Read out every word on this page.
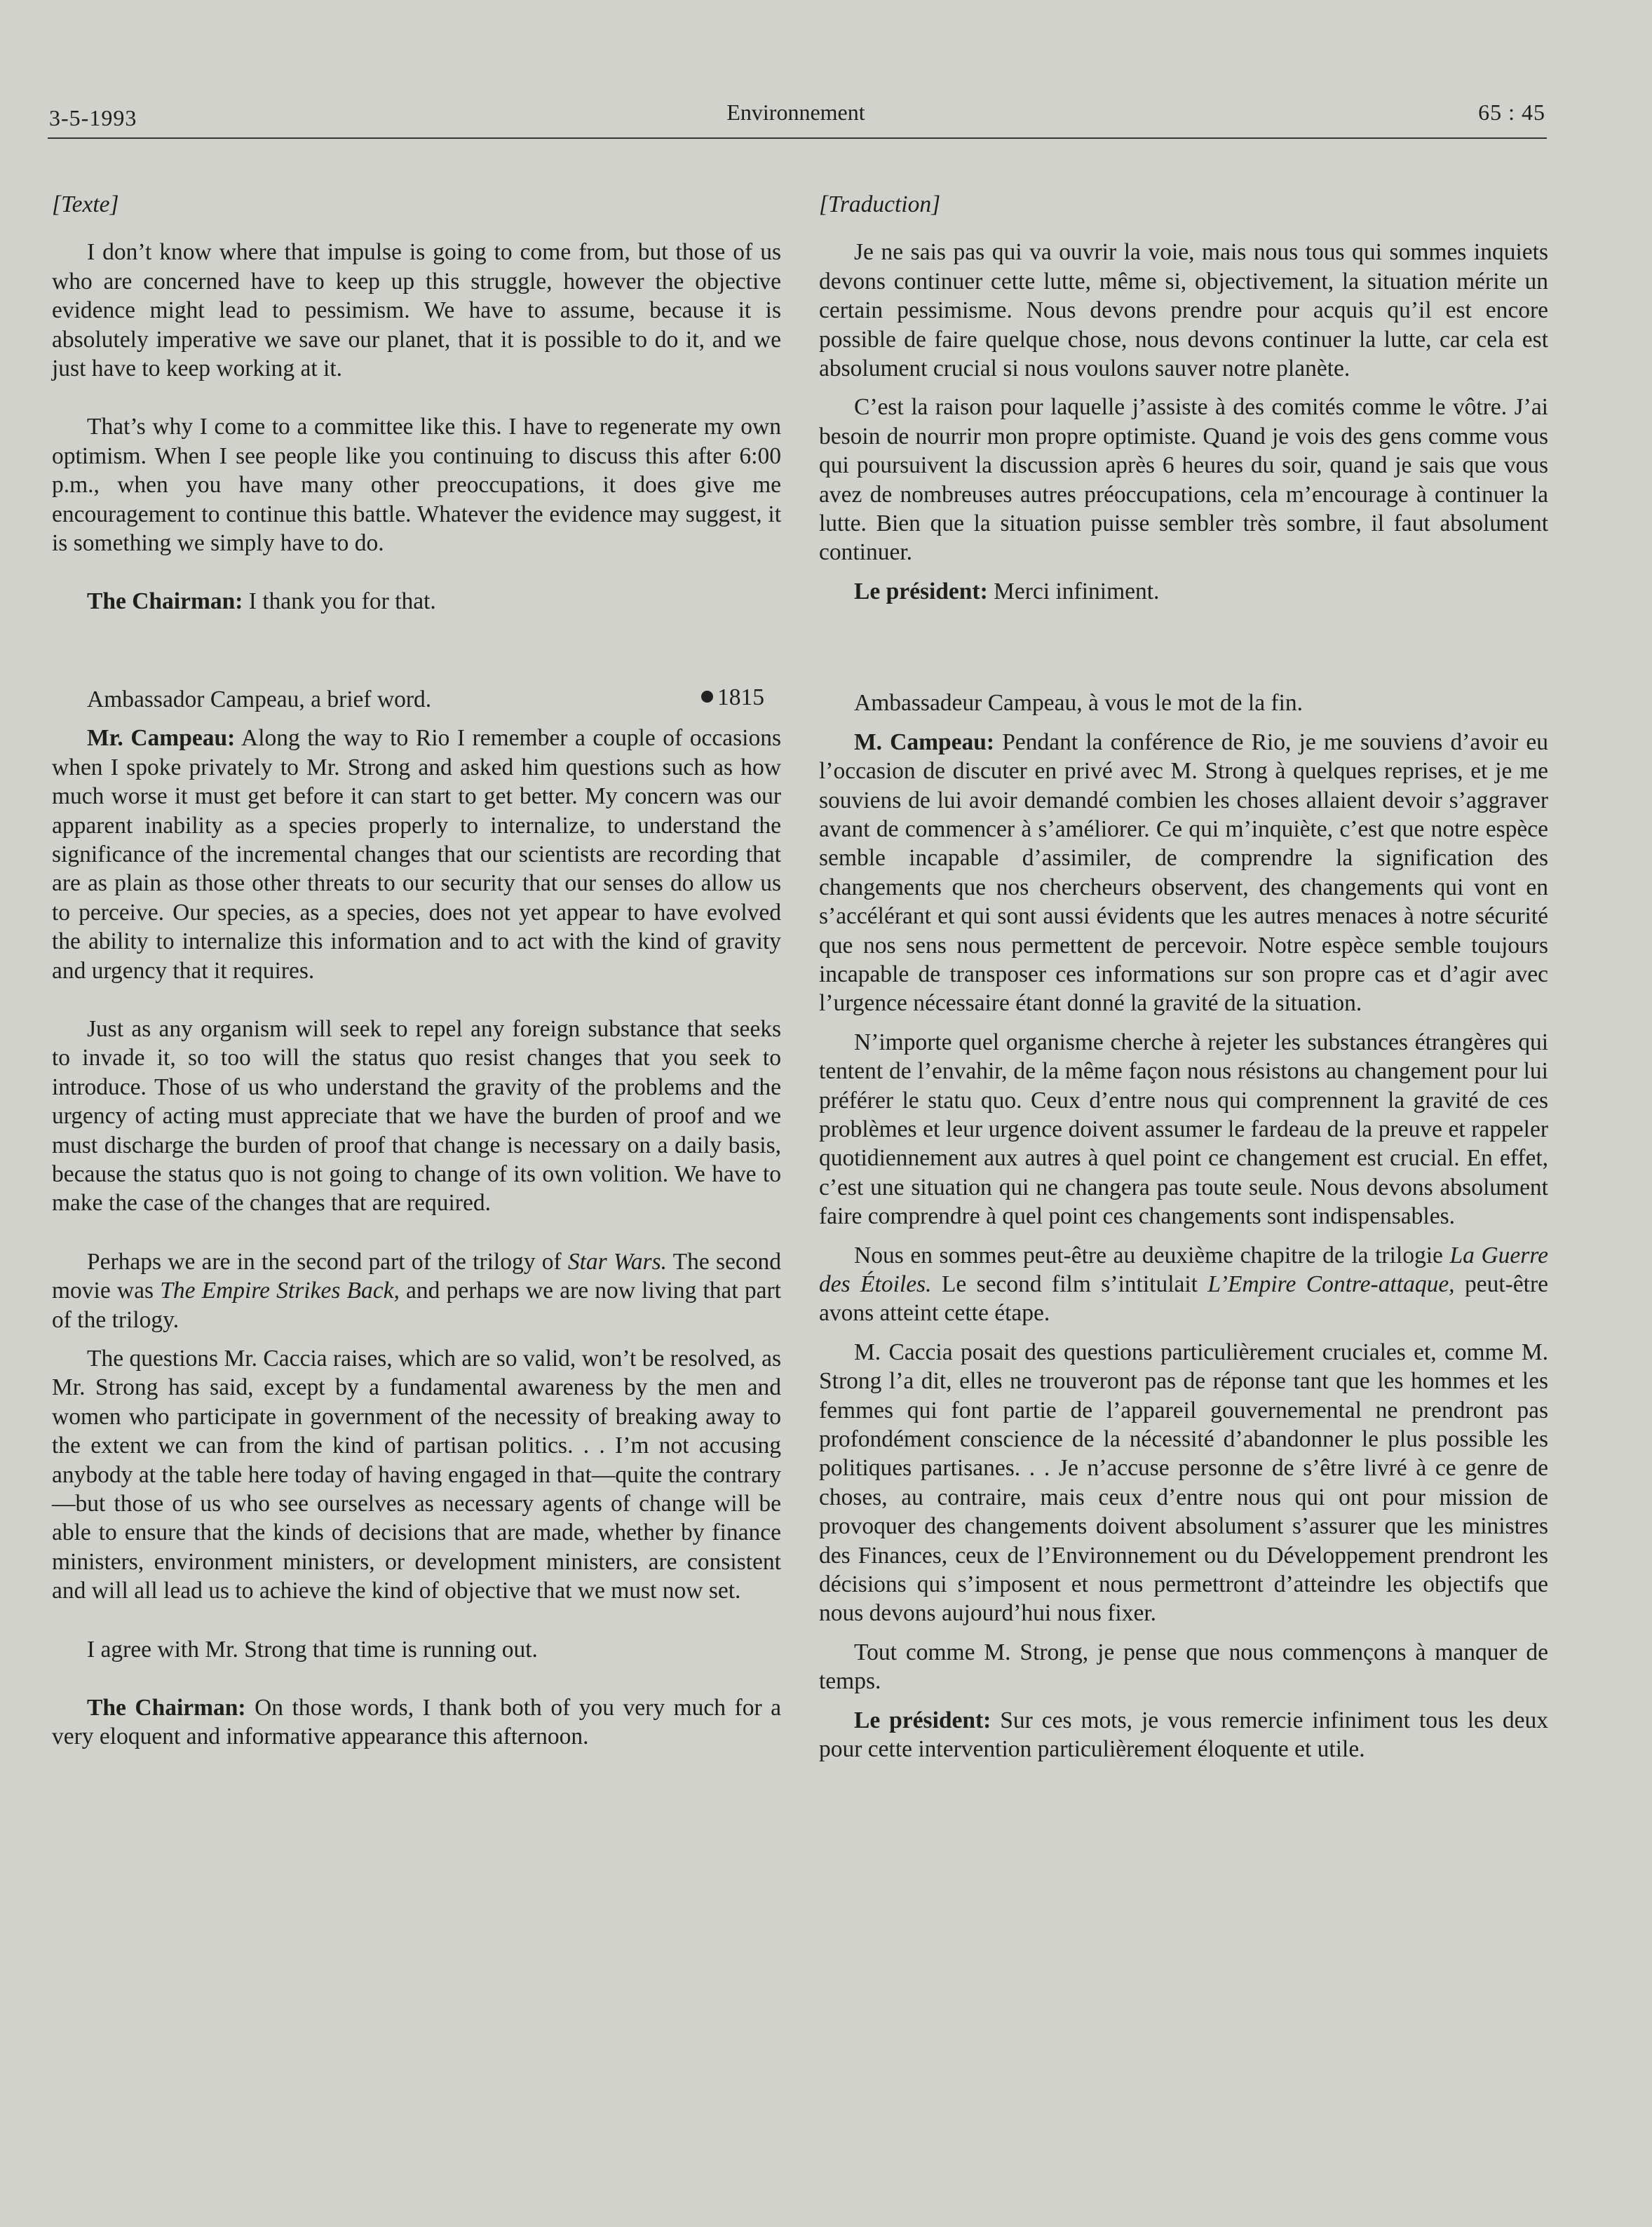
3-5-1993	Environnement	65 : 45

[Texte]

I don’t know where that impulse is going to come from, but those of us who are concerned have to keep up this struggle, however the objective evidence might lead to pessimism. We have to assume, because it is absolutely imperative we save our planet, that it is possible to do it, and we just have to keep working at it.

That’s why I come to a committee like this. I have to regenerate my own optimism. When I see people like you continuing to discuss this after 6:00 p.m., when you have many other preoccupations, it does give me encouragement to continue this battle. Whatever the evidence may suggest, it is something we simply have to do.

The Chairman: I thank you for that.

Ambassador Campeau, a brief word.

Mr. Campeau: Along the way to Rio I remember a couple of occasions when I spoke privately to Mr. Strong and asked him questions such as how much worse it must get before it can start to get better. My concern was our apparent inability as a species properly to internalize, to understand the significance of the incremental changes that our scientists are recording that are as plain as those other threats to our security that our senses do allow us to perceive. Our species, as a species, does not yet appear to have evolved the ability to internalize this information and to act with the kind of gravity and urgency that it requires.

Just as any organism will seek to repel any foreign substance that seeks to invade it, so too will the status quo resist changes that you seek to introduce. Those of us who understand the gravity of the problems and the urgency of acting must appreciate that we have the burden of proof and we must discharge the burden of proof that change is necessary on a daily basis, because the status quo is not going to change of its own volition. We have to make the case of the changes that are required.

Perhaps we are in the second part of the trilogy of Star Wars. The second movie was The Empire Strikes Back, and perhaps we are now living that part of the trilogy.

The questions Mr. Caccia raises, which are so valid, won’t be resolved, as Mr. Strong has said, except by a fundamental awareness by the men and women who participate in government of the necessity of breaking away to the extent we can from the kind of partisan politics. . . I’m not accusing anybody at the table here today of having engaged in that—quite the contrary—but those of us who see ourselves as necessary agents of change will be able to ensure that the kinds of decisions that are made, whether by finance ministers, environment ministers, or development ministers, are consistent and will all lead us to achieve the kind of objective that we must now set.

I agree with Mr. Strong that time is running out.

The Chairman: On those words, I thank both of you very much for a very eloquent and informative appearance this afternoon.

[Traduction]

Je ne sais pas qui va ouvrir la voie, mais nous tous qui sommes inquiets devons continuer cette lutte, même si, objectivement, la situation mérite un certain pessimisme. Nous devons prendre pour acquis qu’il est encore possible de faire quelque chose, nous devons continuer la lutte, car cela est absolument crucial si nous voulons sauver notre planète.

C’est la raison pour laquelle j’assiste à des comités comme le vôtre. J’ai besoin de nourrir mon propre optimiste. Quand je vois des gens comme vous qui poursuivent la discussion après 6 heures du soir, quand je sais que vous avez de nombreuses autres préoccupations, cela m’encourage à continuer la lutte. Bien que la situation puisse sembler très sombre, il faut absolument continuer.

Le président: Merci infiniment.

Ambassadeur Campeau, à vous le mot de la fin.

M. Campeau: Pendant la conférence de Rio, je me souviens d’avoir eu l’occasion de discuter en privé avec M. Strong à quelques reprises, et je me souviens de lui avoir demandé combien les choses allaient devoir s’aggraver avant de commencer à s’améliorer. Ce qui m’inquiète, c’est que notre espèce semble incapable d’assimiler, de comprendre la signification des changements que nos chercheurs observent, des changements qui vont en s’accélérant et qui sont aussi évidents que les autres menaces à notre sécurité que nos sens nous permettent de percevoir. Notre espèce semble toujours incapable de transposer ces informations sur son propre cas et d’agir avec l’urgence nécessaire étant donné la gravité de la situation.

N’importe quel organisme cherche à rejeter les substances étrangères qui tentent de l’envahir, de la même façon nous résistons au changement pour lui préférer le statu quo. Ceux d’entre nous qui comprennent la gravité de ces problèmes et leur urgence doivent assumer le fardeau de la preuve et rappeler quotidiennement aux autres à quel point ce changement est crucial. En effet, c’est une situation qui ne changera pas toute seule. Nous devons absolument faire comprendre à quel point ces changements sont indispensables.

Nous en sommes peut-être au deuxième chapitre de la trilogie La Guerre des Étoiles. Le second film s’intitulait L’Empire Contre-attaque, peut-être avons atteint cette étape.

M. Caccia posait des questions particulièrement cruciales et, comme M. Strong l’a dit, elles ne trouveront pas de réponse tant que les hommes et les femmes qui font partie de l’appareil gouvernemental ne prendront pas profondément conscience de la nécessité d’abandonner le plus possible les politiques partisanes. . . Je n’accuse personne de s’être livré à ce genre de choses, au contraire, mais ceux d’entre nous qui ont pour mission de provoquer des changements doivent absolument s’assurer que les ministres des Finances, ceux de l’Environnement ou du Développement prendront les décisions qui s’imposent et nous permettront d’atteindre les objectifs que nous devons aujourd’hui nous fixer.

Tout comme M. Strong, je pense que nous commençons à manquer de temps.

Le président: Sur ces mots, je vous remercie infiniment tous les deux pour cette intervention particulièrement éloquente et utile.

1815
